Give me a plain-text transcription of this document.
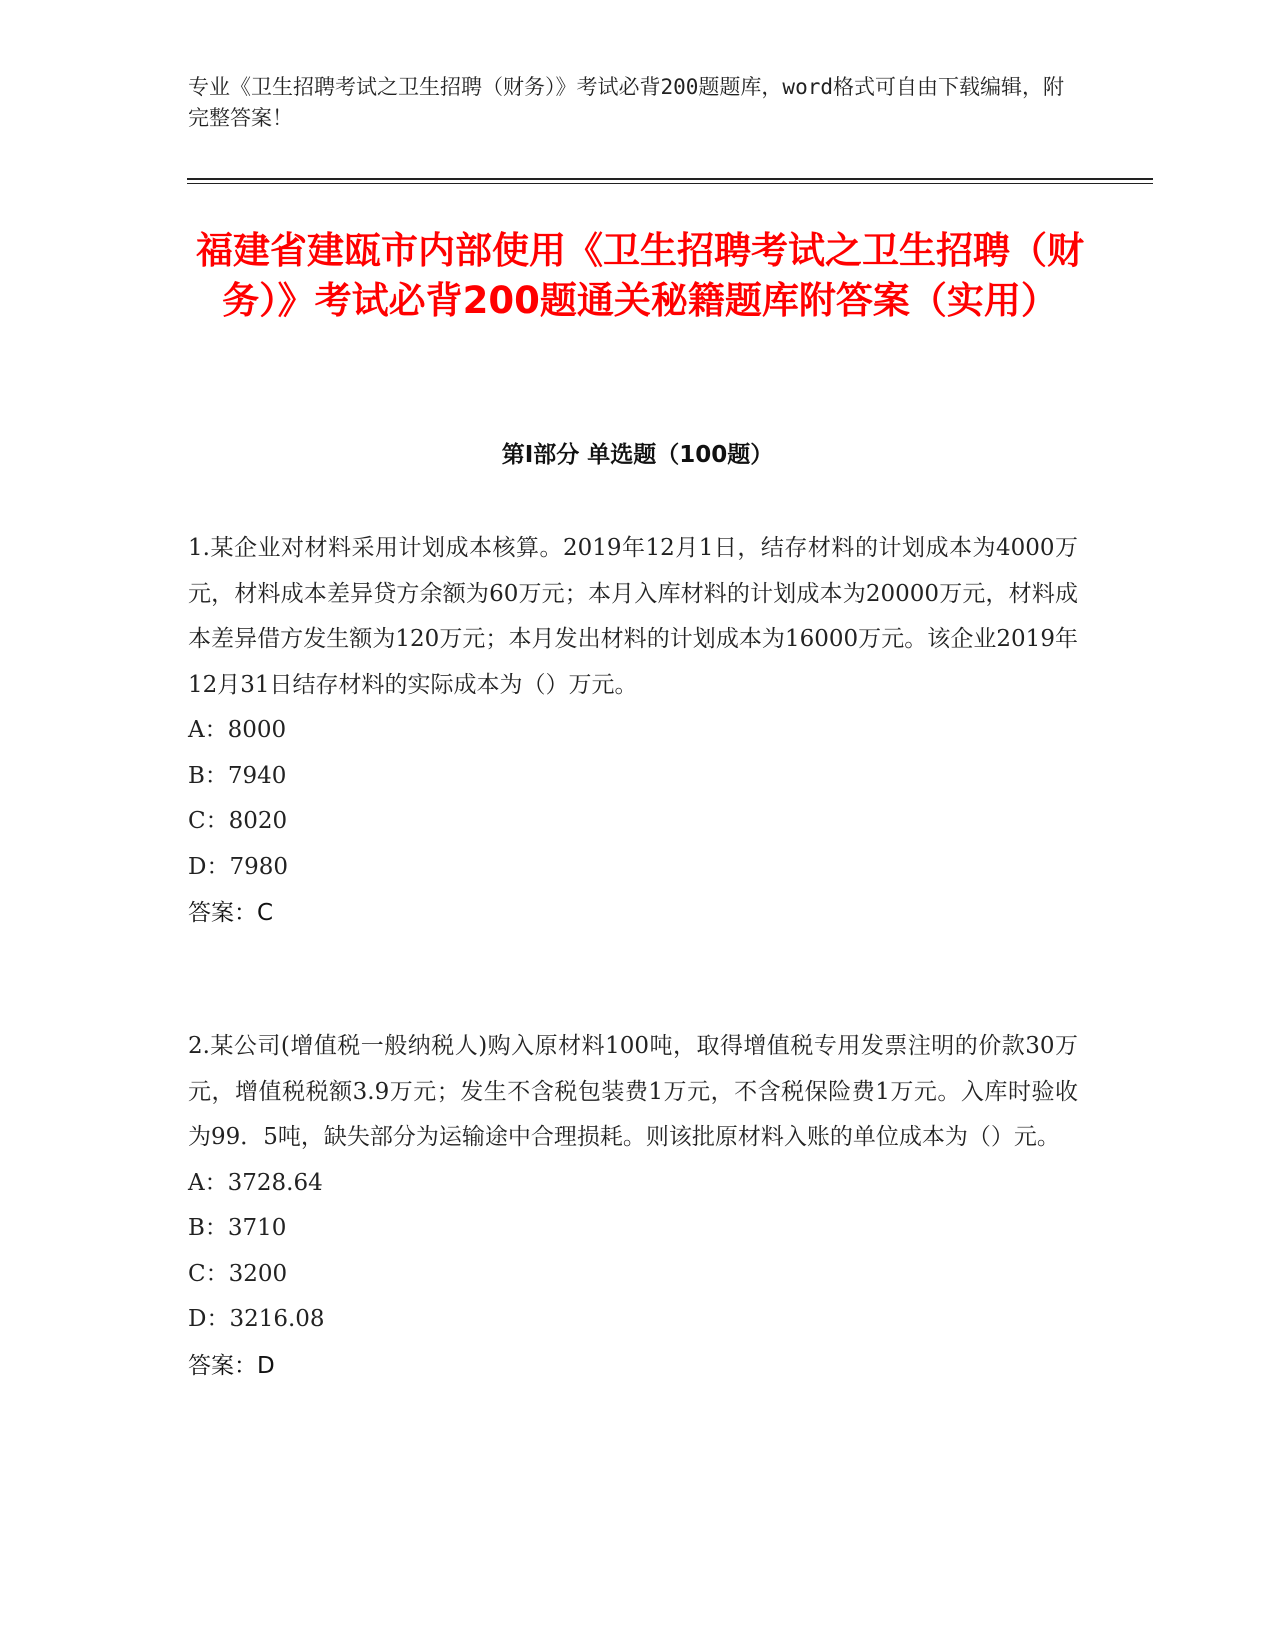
专业《卫生招聘考试之卫生招聘（财务）》考试必背200题题库，word格式可自由下载编辑，附完整答案！
福建省建瓯市内部使用《卫生招聘考试之卫生招聘（财务）》考试必背200题通关秘籍题库附答案（实用）
第Ⅰ部分 单选题（100题）
1.某企业对材料采用计划成本核算。2019年12月1日，结存材料的计划成本为4000万元，材料成本差异贷方余额为60万元；本月入库材料的计划成本为20000万元，材料成本差异借方发生额为120万元；本月发出材料的计划成本为16000万元。该企业2019年12月31日结存材料的实际成本为（）万元。
A：8000
B：7940
C：8020
D：7980
答案：C
2.某公司(增值税一般纳税人)购入原材料100吨，取得增值税专用发票注明的价款30万元，增值税税额3.9万元；发生不含税包装费1万元，不含税保险费1万元。入库时验收为99．5吨，缺失部分为运输途中合理损耗。则该批原材料入账的单位成本为（）元。
A：3728.64
B：3710
C：3200
D：3216.08
答案：D
